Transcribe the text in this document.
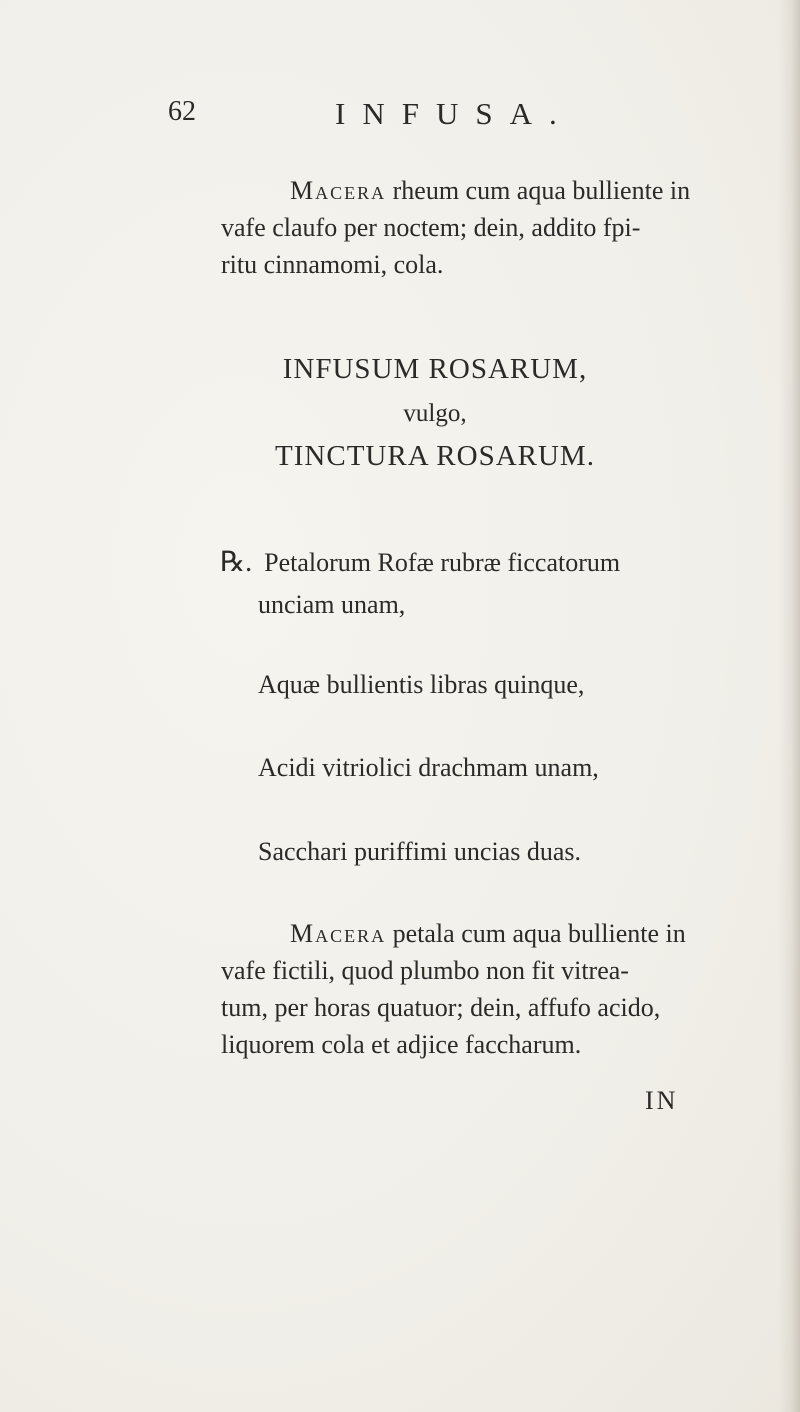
62	INFUSA.
Macera rheum cum aqua bulliente in
vafe claufo per noctem; dein, addito fpi-
ritu cinnamomi, cola.
INFUSUM ROSARUM,
vulgo,
TINCTURA ROSARUM.
℞. Petalorum Rofæ rubræ ficcatorum
unciam unam,
Aquæ bullientis libras quinque,
Acidi vitriolici drachmam unam,
Sacchari puriffimi uncias duas.
Macera petala cum aqua bulliente in
vafe fictili, quod plumbo non fit vitrea-
tum, per horas quatuor; dein, affufo acido,
liquorem cola et adjice faccharum.
IN
